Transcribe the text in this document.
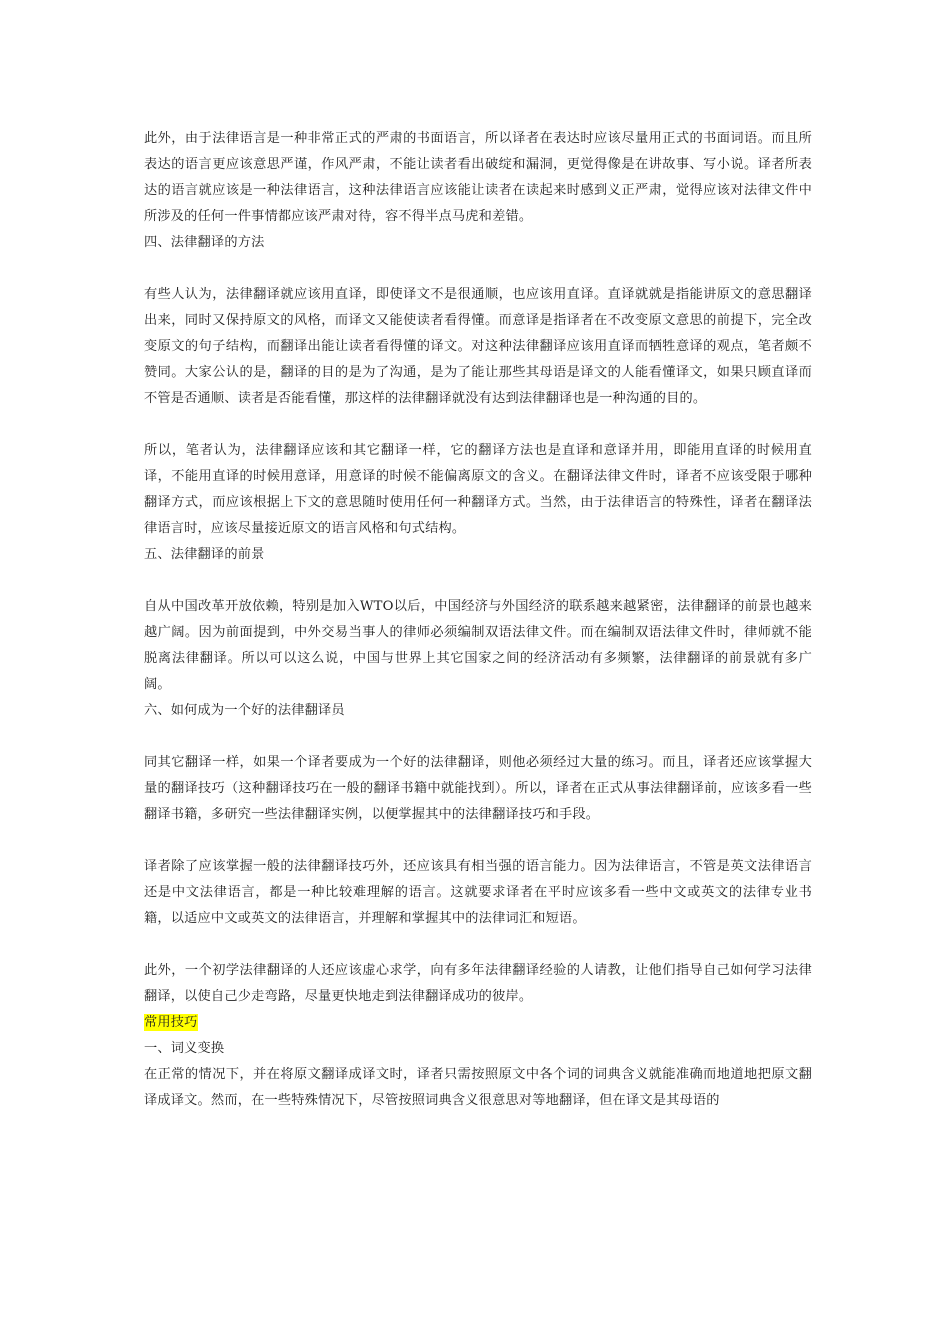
此外，由于法律语言是一种非常正式的严肃的书面语言，所以译者在表达时应该尽量用正式的书面词语。而且所表达的语言更应该意思严谨，作风严肃，不能让读者看出破绽和漏洞，更觉得像是在讲故事、写小说。译者所表达的语言就应该是一种法律语言，这种法律语言应该能让读者在读起来时感到义正严肃，觉得应该对法律文件中所涉及的任何一件事情都应该严肃对待，容不得半点马虎和差错。

四、法律翻译的方法

有些人认为，法律翻译就应该用直译，即使译文不是很通顺，也应该用直译。直译就就是指能讲原文的意思翻译出来，同时又保持原文的风格，而译文又能使读者看得懂。而意译是指译者在不改变原文意思的前提下，完全改变原文的句子结构，而翻译出能让读者看得懂的译文。对这种法律翻译应该用直译而牺牲意译的观点，笔者颇不赞同。大家公认的是，翻译的目的是为了沟通，是为了能让那些其母语是译文的人能看懂译文，如果只顾直译而不管是否通顺、读者是否能看懂，那这样的法律翻译就没有达到法律翻译也是一种沟通的目的。

所以，笔者认为，法律翻译应该和其它翻译一样，它的翻译方法也是直译和意译并用，即能用直译的时候用直译，不能用直译的时候用意译，用意译的时候不能偏离原文的含义。在翻译法律文件时，译者不应该受限于哪种翻译方式，而应该根据上下文的意思随时使用任何一种翻译方式。当然，由于法律语言的特殊性，译者在翻译法律语言时，应该尽量接近原文的语言风格和句式结构。

五、法律翻译的前景

自从中国改革开放依赖，特别是加入WTO以后，中国经济与外国经济的联系越来越紧密，法律翻译的前景也越来越广阔。因为前面提到，中外交易当事人的律师必须编制双语法律文件。而在编制双语法律文件时，律师就不能脱离法律翻译。所以可以这么说，中国与世界上其它国家之间的经济活动有多频繁，法律翻译的前景就有多广阔。

六、如何成为一个好的法律翻译员

同其它翻译一样，如果一个译者要成为一个好的法律翻译，则他必须经过大量的练习。而且，译者还应该掌握大量的翻译技巧（这种翻译技巧在一般的翻译书籍中就能找到）。所以，译者在正式从事法律翻译前，应该多看一些翻译书籍，多研究一些法律翻译实例，以便掌握其中的法律翻译技巧和手段。

译者除了应该掌握一般的法律翻译技巧外，还应该具有相当强的语言能力。因为法律语言，不管是英文法律语言还是中文法律语言，都是一种比较难理解的语言。这就要求译者在平时应该多看一些中文或英文的法律专业书籍，以适应中文或英文的法律语言，并理解和掌握其中的法律词汇和短语。

此外，一个初学法律翻译的人还应该虚心求学，向有多年法律翻译经验的人请教，让他们指导自己如何学习法律翻译，以使自己少走弯路，尽量更快地走到法律翻译成功的彼岸。

常用技巧

一、词义变换

在正常的情况下，并在将原文翻译成译文时，译者只需按照原文中各个词的词典含义就能准确而地道地把原文翻译成译文。然而，在一些特殊情况下，尽管按照词典含义很意思对等地翻译，但在译文是其母语的
